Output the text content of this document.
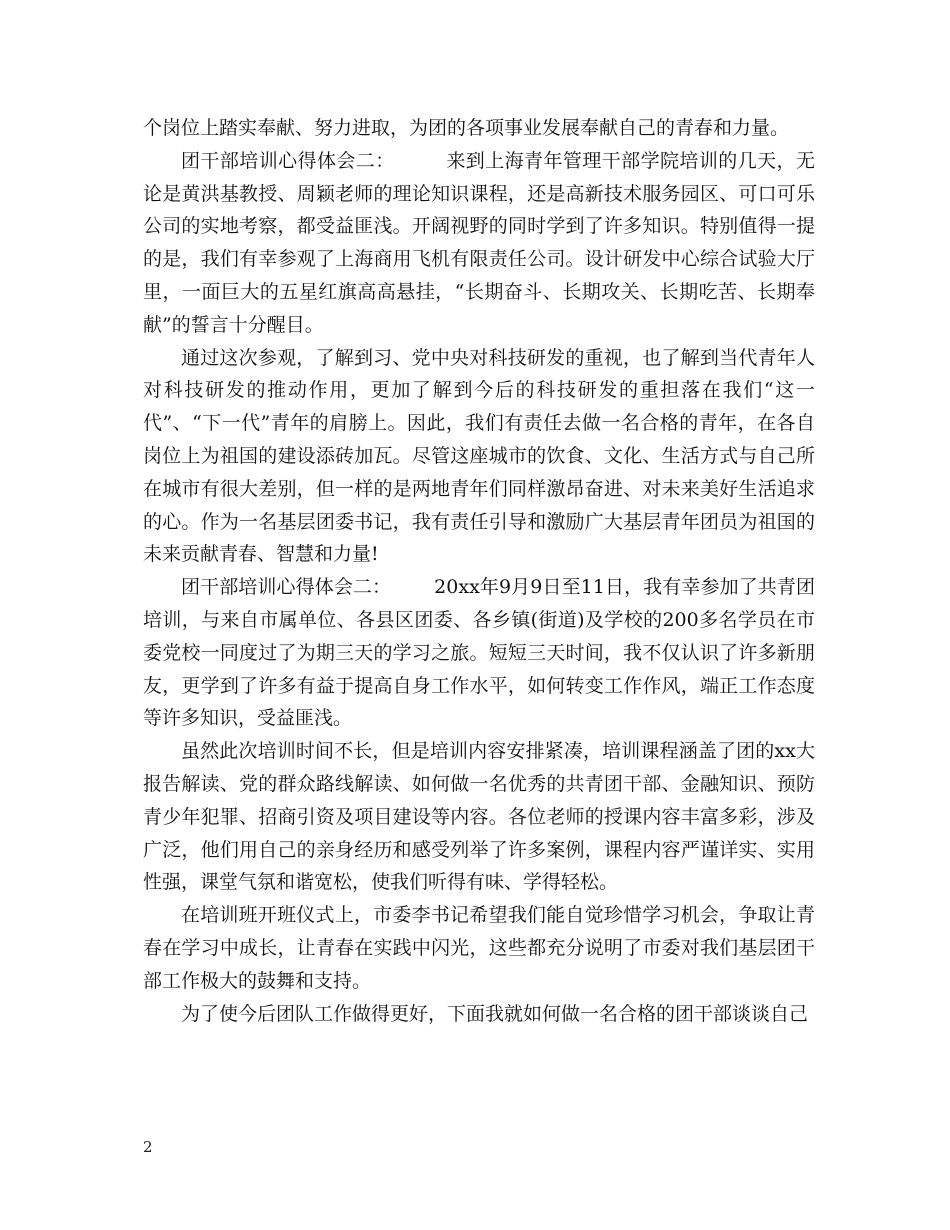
个岗位上踏实奉献、努力进取，为团的各项事业发展奉献自己的青春和力量。

团干部培训心得体会二：	来到上海青年管理干部学院培训的几天，无论是黄洪基教授、周颖老师的理论知识课程，还是高新技术服务园区、可口可乐公司的实地考察，都受益匪浅。开阔视野的同时学到了许多知识。特别值得一提的是，我们有幸参观了上海商用飞机有限责任公司。设计研发中心综合试验大厅里，一面巨大的五星红旗高高悬挂，“长期奋斗、长期攻关、长期吃苦、长期奉献”的誓言十分醒目。

通过这次参观，了解到习、党中央对科技研发的重视，也了解到当代青年人对科技研发的推动作用，更加了解到今后的科技研发的重担落在我们“这一代”、“下一代”青年的肩膀上。因此，我们有责任去做一名合格的青年，在各自岗位上为祖国的建设添砖加瓦。尽管这座城市的饮食、文化、生活方式与自己所在城市有很大差别，但一样的是两地青年们同样激昂奋进、对未来美好生活追求的心。作为一名基层团委书记，我有责任引导和激励广大基层青年团员为祖国的未来贡献青春、智慧和力量!

团干部培训心得体会二： 20xx年9月9日至11日，我有幸参加了共青团培训，与来自市属单位、各县区团委、各乡镇(街道)及学校的200多名学员在市委党校一同度过了为期三天的学习之旅。短短三天时间，我不仅认识了许多新朋友，更学到了许多有益于提高自身工作水平，如何转变工作作风，端正工作态度等许多知识，受益匪浅。

虽然此次培训时间不长，但是培训内容安排紧凑，培训课程涵盖了团的xx大报告解读、党的群众路线解读、如何做一名优秀的共青团干部、金融知识、预防青少年犯罪、招商引资及项目建设等内容。各位老师的授课内容丰富多彩，涉及广泛，他们用自己的亲身经历和感受列举了许多案例，课程内容严谨详实、实用性强，课堂气氛和谐宽松，使我们听得有味、学得轻松。

在培训班开班仪式上，市委李书记希望我们能自觉珍惜学习机会，争取让青春在学习中成长，让青春在实践中闪光，这些都充分说明了市委对我们基层团干部工作极大的鼓舞和支持。

为了使今后团队工作做得更好，下面我就如何做一名合格的团干部谈谈自己

2
